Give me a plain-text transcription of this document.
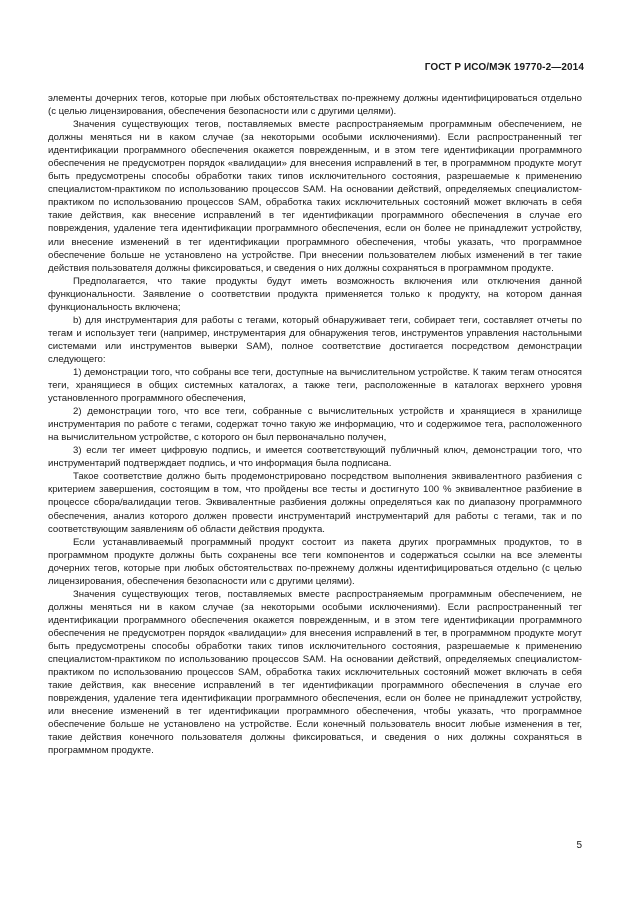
ГОСТ Р ИСО/МЭК 19770-2—2014

элементы дочерних тегов, которые при любых обстоятельствах по-прежнему должны идентифицироваться отдельно (с целью лицензирования, обеспечения безопасности или с другими целями).

Значения существующих тегов, поставляемых вместе распространяемым программным обеспечением, не должны меняться ни в каком случае (за некоторыми особыми исключениями). Если распространенный тег идентификации программного обеспечения окажется поврежденным, и в этом теге идентификации программного обеспечения не предусмотрен порядок «валидации» для внесения исправлений в тег, в программном продукте могут быть предусмотрены способы обработки таких типов исключительного состояния, разрешаемые к применению специалистом-практиком по использованию процессов SAM. На основании действий, определяемых специалистом-практиком по использованию процессов SAM, обработка таких исключительных состояний может включать в себя такие действия, как внесение исправлений в тег идентификации программного обеспечения в случае его повреждения, удаление тега идентификации программного обеспечения, если он более не принадлежит устройству, или внесение изменений в тег идентификации программного обеспечения, чтобы указать, что программное обеспечение больше не установлено на устройстве. При внесении пользователем любых изменений в тег такие действия пользователя должны фиксироваться, и сведения о них должны сохраняться в программном продукте.

Предполагается, что такие продукты будут иметь возможность включения или отключения данной функциональности. Заявление о соответствии продукта применяется только к продукту, на котором данная функциональность включена;

b) для инструментария для работы с тегами, который обнаруживает теги, собирает теги, составляет отчеты по тегам и использует теги (например, инструментария для обнаружения тегов, инструментов управления настольными системами или инструментов выверки SAM), полное соответствие достигается посредством демонстрации следующего:

1) демонстрации того, что собраны все теги, доступные на вычислительном устройстве. К таким тегам относятся теги, хранящиеся в общих системных каталогах, а также теги, расположенные в каталогах верхнего уровня установленного программного обеспечения,

2) демонстрации того, что все теги, собранные с вычислительных устройств и хранящиеся в хранилище инструментария по работе с тегами, содержат точно такую же информацию, что и содержимое тега, расположенного на вычислительном устройстве, с которого он был первоначально получен,

3) если тег имеет цифровую подпись, и имеется соответствующий публичный ключ, демонстрации того, что инструментарий подтверждает подпись, и что информация была подписана.

Такое соответствие должно быть продемонстрировано посредством выполнения эквивалентного разбиения с критерием завершения, состоящим в том, что пройдены все тесты и достигнуто 100 % эквивалентное разбиение в процессе сбора/валидации тегов. Эквивалентные разбиения должны определяться как по диапазону программного обеспечения, анализ которого должен провести инструментарий инструментарий для работы с тегами, так и по соответствующим заявлениям об области действия продукта.

Если устанавливаемый программный продукт состоит из пакета других программных продуктов, то в программном продукте должны быть сохранены все теги компонентов и содержаться ссылки на все элементы дочерних тегов, которые при любых обстоятельствах по-прежнему должны идентифицироваться отдельно (с целью лицензирования, обеспечения безопасности или с другими целями).

Значения существующих тегов, поставляемых вместе распространяемым программным обеспечением, не должны меняться ни в каком случае (за некоторыми особыми исключениями). Если распространенный тег идентификации программного обеспечения окажется поврежденным, и в этом теге идентификации программного обеспечения не предусмотрен порядок «валидации» для внесения исправлений в тег, в программном продукте могут быть предусмотрены способы обработки таких типов исключительного состояния, разрешаемые к применению специалистом-практиком по использованию процессов SAM. На основании действий, определяемых специалистом-практиком по использованию процессов SAM, обработка таких исключительных состояний может включать в себя такие действия, как внесение исправлений в тег идентификации программного обеспечения в случае его повреждения, удаление тега идентификации программного обеспечения, если он более не принадлежит устройству, или внесение изменений в тег идентификации программного обеспечения, чтобы указать, что программное обеспечение больше не установлено на устройстве. Если конечный пользователь вносит любые изменения в тег, такие действия конечного пользователя должны фиксироваться, и сведения о них должны сохраняться в программном продукте.

5
